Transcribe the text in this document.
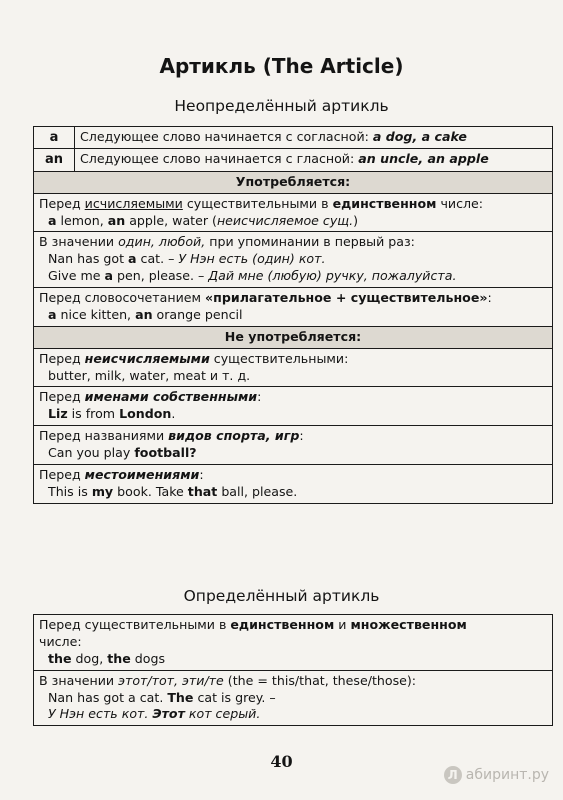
Артикль (The Article)
Неопределённый артикль
a	Следующее слово начинается с согласной: a dog, a cake
an	Следующее слово начинается с гласной: an uncle, an apple
Употребляется:	

Перед исчисляемыми существительными в единственном числе:
a lemon, an apple, water (неисчисляемое сущ.)	

В значении один, любой, при упоминании в первый раз:
Nan has got a cat. – У Нэн есть (один) кот.
Give me a pen, please. – Дай мне (любую) ручку, пожалуйста.	

Перед словосочетанием «прилагательное + существительное»:
a nice kitten, an orange pencil	

Не употребляется:	

Перед неисчисляемыми существительными:
butter, milk, water, meat и т. д.	

Перед именами собственными:
Liz is from London.	

Перед названиями видов спорта, игр:
Can you play football?	

Перед местоимениями:
This is my book. Take that ball, please.	
Определённый артикль
Перед существительными в единственном и множественном
числе:
the dog, the dogs

В значении этот/тот, эти/те (the = this/that, these/those):
Nan has got a cat. The cat is grey. –
У Нэн есть кот. Этот кот серый.
40
Л абиринт.ру
